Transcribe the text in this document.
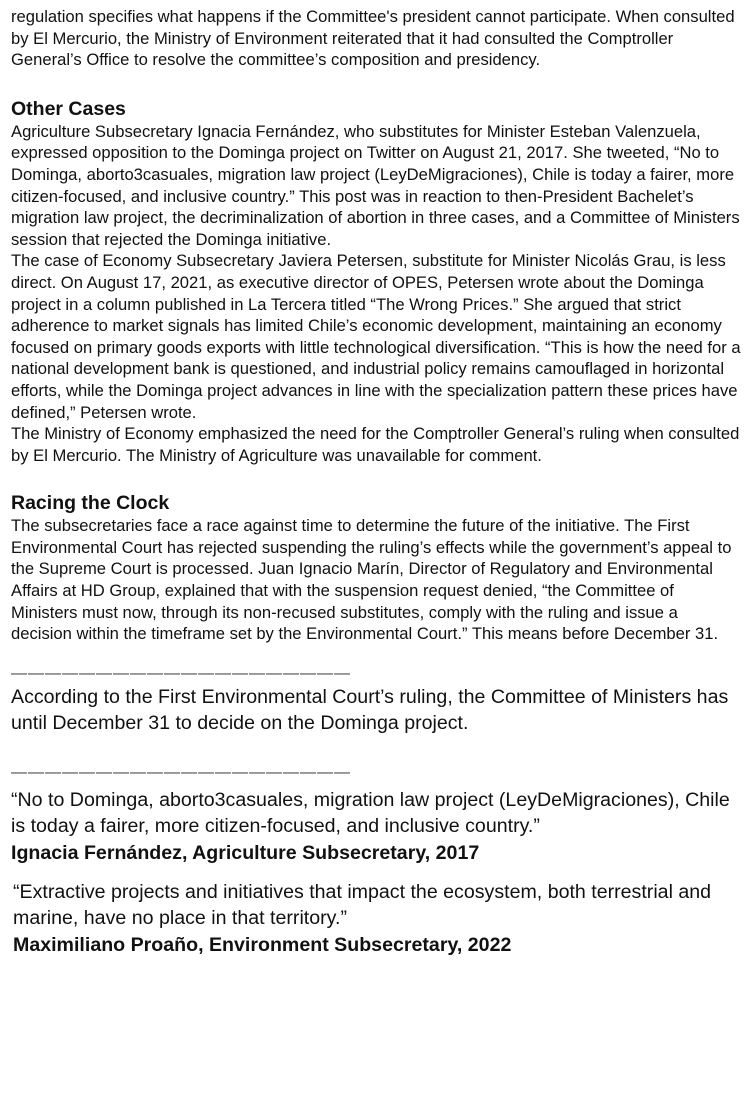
regulation specifies what happens if the Committee's president cannot participate. When consulted by El Mercurio, the Ministry of Environment reiterated that it had consulted the Comptroller General’s Office to resolve the committee’s composition and presidency.

Other Cases

Agriculture Subsecretary Ignacia Fernández, who substitutes for Minister Esteban Valenzuela, expressed opposition to the Dominga project on Twitter on August 21, 2017. She tweeted, “No to Dominga, aborto3casuales, migration law project (LeyDeMigraciones), Chile is today a fairer, more citizen-focused, and inclusive country.” This post was in reaction to then-President Bachelet’s migration law project, the decriminalization of abortion in three cases, and a Committee of Ministers session that rejected the Dominga initiative.

The case of Economy Subsecretary Javiera Petersen, substitute for Minister Nicolás Grau, is less direct. On August 17, 2021, as executive director of OPES, Petersen wrote about the Dominga project in a column published in La Tercera titled “The Wrong Prices.” She argued that strict adherence to market signals has limited Chile’s economic development, maintaining an economy focused on primary goods exports with little technological diversification. “This is how the need for a national development bank is questioned, and industrial policy remains camouflaged in horizontal efforts, while the Dominga project advances in line with the specialization pattern these prices have defined,” Petersen wrote.

The Ministry of Economy emphasized the need for the Comptroller General’s ruling when consulted by El Mercurio. The Ministry of Agriculture was unavailable for comment.

Racing the Clock

The subsecretaries face a race against time to determine the future of the initiative. The First Environmental Court has rejected suspending the ruling’s effects while the government’s appeal to the Supreme Court is processed. Juan Ignacio Marín, Director of Regulatory and Environmental Affairs at HD Group, explained that with the suspension request denied, “the Committee of Ministers must now, through its non-recused substitutes, comply with the ruling and issue a decision within the timeframe set by the Environmental Court.” This means before December 31.

————————————————————

According to the First Environmental Court’s ruling, the Committee of Ministers has until December 31 to decide on the Dominga project.

————————————————————

“No to Dominga, aborto3casuales, migration law project (LeyDeMigraciones), Chile is today a fairer, more citizen-focused, and inclusive country.”

Ignacia Fernández, Agriculture Subsecretary, 2017

“Extractive projects and initiatives that impact the ecosystem, both terrestrial and marine, have no place in that territory.”

Maximiliano Proaño, Environment Subsecretary, 2022
